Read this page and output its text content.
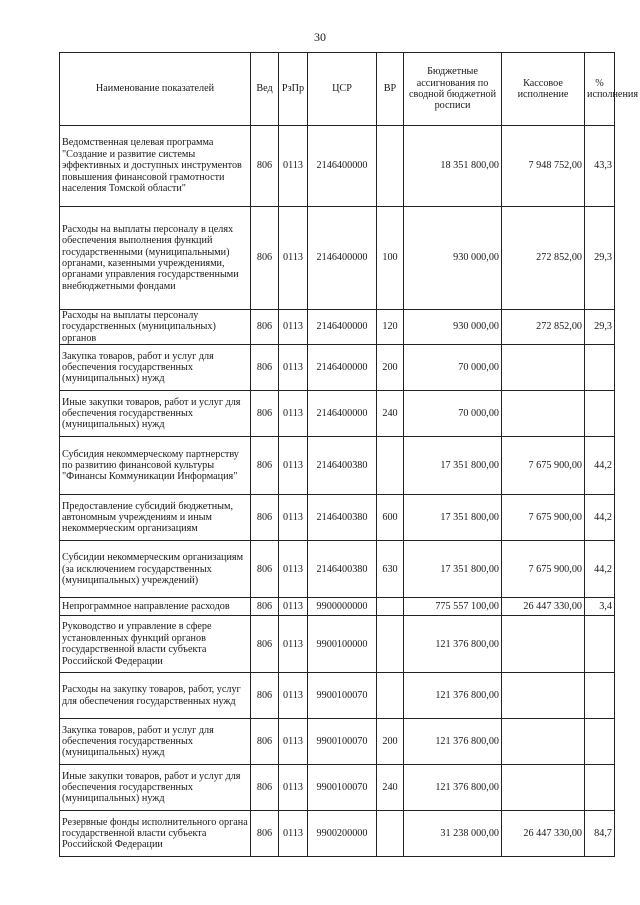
30
Наименование показателей	Вед	РзПр	ЦСР	ВР	Бюджетные ассигнования по сводной бюджетной росписи	Кассовое исполнение	% исполнения
Ведомственная целевая программа "Создание и развитие системы эффективных и доступных инструментов повышения финансовой грамотности населения Томской области"	806	0113	2146400000		18 351 800,00	7 948 752,00	43,3
Расходы на выплаты персоналу в целях обеспечения выполнения функций государственными (муниципальными) органами, казенными учреждениями, органами управления государственными внебюджетными фондами	806	0113	2146400000	100	930 000,00	272 852,00	29,3
Расходы на выплаты персоналу государственных (муниципальных) органов	806	0113	2146400000	120	930 000,00	272 852,00	29,3
Закупка товаров, работ и услуг для обеспечения государственных (муниципальных) нужд	806	0113	2146400000	200	70 000,00		
Иные закупки товаров, работ и услуг для обеспечения государственных (муниципальных) нужд	806	0113	2146400000	240	70 000,00		
Субсидия некоммерческому партнерству по развитию финансовой культуры "Финансы Коммуникации Информация"	806	0113	2146400380		17 351 800,00	7 675 900,00	44,2
Предоставление субсидий бюджетным, автономным учреждениям и иным некоммерческим организациям	806	0113	2146400380	600	17 351 800,00	7 675 900,00	44,2
Субсидии некоммерческим организациям (за исключением государственных (муниципальных) учреждений)	806	0113	2146400380	630	17 351 800,00	7 675 900,00	44,2
Непрограммное направление расходов	806	0113	9900000000		775 557 100,00	26 447 330,00	3,4
Руководство и управление в сфере установленных функций органов государственной власти субъекта Российской Федерации	806	0113	9900100000		121 376 800,00		
Расходы на закупку товаров, работ, услуг для обеспечения государственных нужд	806	0113	9900100070		121 376 800,00		
Закупка товаров, работ и услуг для обеспечения государственных (муниципальных) нужд	806	0113	9900100070	200	121 376 800,00		
Иные закупки товаров, работ и услуг для обеспечения государственных (муниципальных) нужд	806	0113	9900100070	240	121 376 800,00		
Резервные фонды исполнительного органа государственной власти субъекта Российской Федерации	806	0113	9900200000		31 238 000,00	26 447 330,00	84,7
